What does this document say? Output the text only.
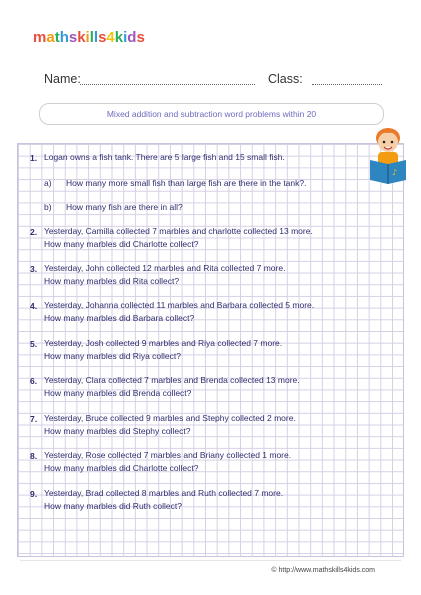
mathskills4kids
Name:	Class:
Mixed addition and subtraction word problems within 20
♪
1. Logan owns a fish tank. There are 5 large fish and 15 small fish.
a) How many more small fish than large fish are there in the tank?.
b) How many fish are there in all?
2. Yesterday, Camilla collected 7 marbles and charlotte collected 13 more.
How many marbles did Charlotte collect?
3. Yesterday, John collected 12 marbles and Rita collected 7 more.
How many marbles did Rita collect?
4. Yesterday, Johanna collected 11 marbles and Barbara collected 5 more.
How many marbles did Barbara collect?
5. Yesterday, Josh collected 9 marbles and Riya collected 7 more.
How many marbles did Riya collect?
6. Yesterday, Clara collected 7 marbles and Brenda collected 13 more.
How many marbles did Brenda collect?
7. Yesterday, Bruce collected 9 marbles and Stephy collected 2 more.
How many marbles did Stephy collect?
8. Yesterday, Rose collected 7 marbles and Briany collected 1 more.
How many marbles did Charlotte collect?
9. Yesterday, Brad collected 8 marbles and Ruth collected 7 more.
How many marbles did Ruth collect?
© http://www.mathskills4kids.com
